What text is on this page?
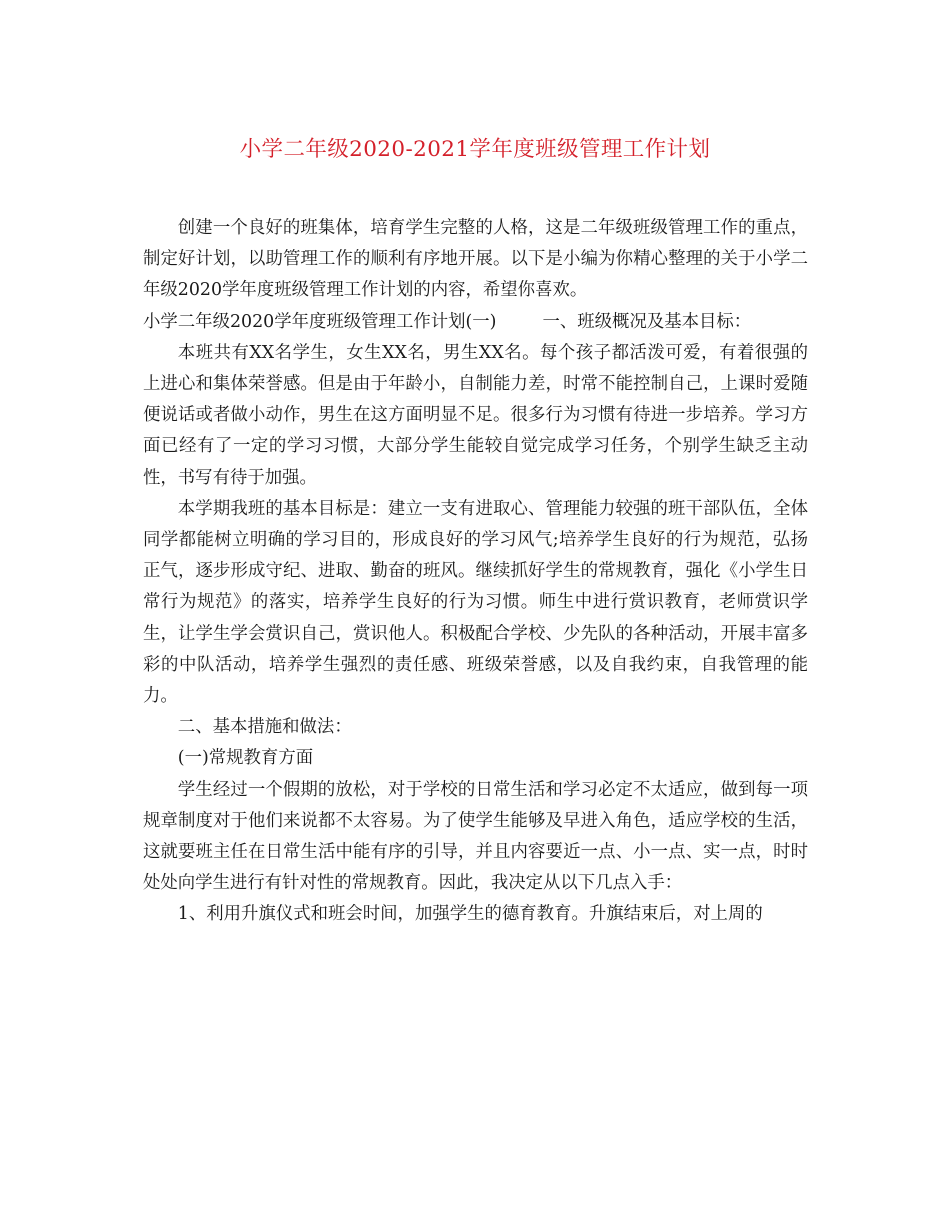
小学二年级2020-2021学年度班级管理工作计划

创建一个良好的班集体，培育学生完整的人格，这是二年级班级管理工作的重点，制定好计划，以助管理工作的顺利有序地开展。以下是小编为你精心整理的关于小学二年级2020学年度班级管理工作计划的内容，希望你喜欢。

小学二年级2020学年度班级管理工作计划(一)	一、班级概况及基本目标：

本班共有XX名学生，女生XX名，男生XX名。每个孩子都活泼可爱，有着很强的上进心和集体荣誉感。但是由于年龄小，自制能力差，时常不能控制自己，上课时爱随便说话或者做小动作，男生在这方面明显不足。很多行为习惯有待进一步培养。学习方面已经有了一定的学习习惯，大部分学生能较自觉完成学习任务，个别学生缺乏主动性，书写有待于加强。

本学期我班的基本目标是：建立一支有进取心、管理能力较强的班干部队伍，全体同学都能树立明确的学习目的，形成良好的学习风气;培养学生良好的行为规范，弘扬正气，逐步形成守纪、进取、勤奋的班风。继续抓好学生的常规教育，强化《小学生日常行为规范》的落实，培养学生良好的行为习惯。师生中进行赏识教育，老师赏识学生，让学生学会赏识自己，赏识他人。积极配合学校、少先队的各种活动，开展丰富多彩的中队活动，培养学生强烈的责任感、班级荣誉感，以及自我约束，自我管理的能力。

二、基本措施和做法：

(一)常规教育方面

学生经过一个假期的放松，对于学校的日常生活和学习必定不太适应，做到每一项规章制度对于他们来说都不太容易。为了使学生能够及早进入角色，适应学校的生活，这就要班主任在日常生活中能有序的引导，并且内容要近一点、小一点、实一点，时时处处向学生进行有针对性的常规教育。因此，我决定从以下几点入手：

1、利用升旗仪式和班会时间，加强学生的德育教育。升旗结束后，对上周的
